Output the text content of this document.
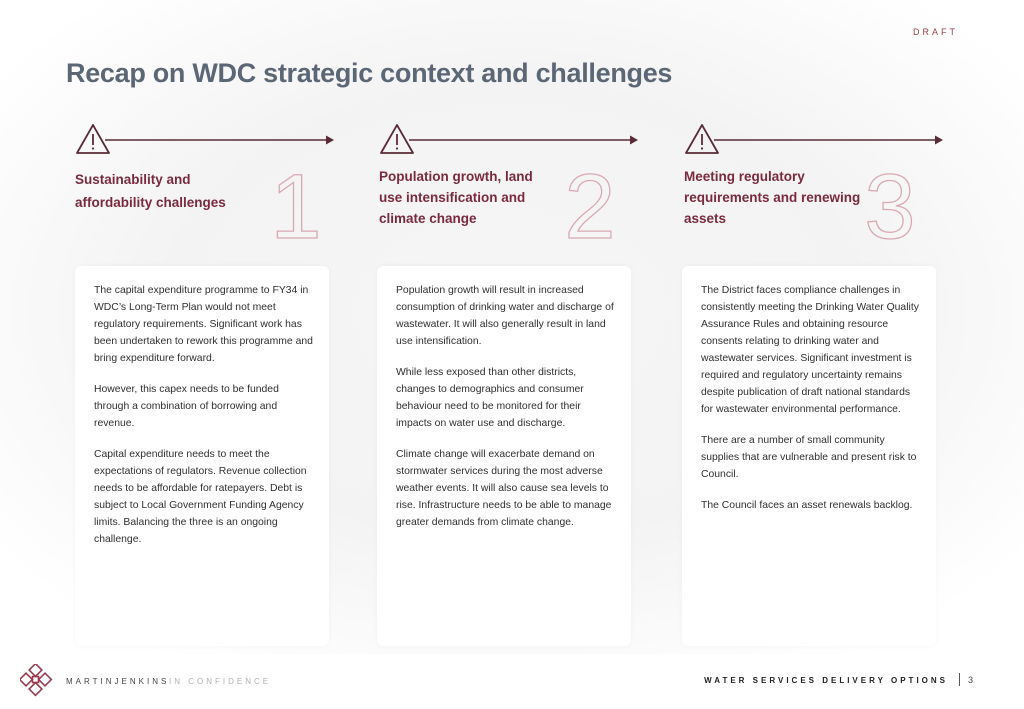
DRAFT
Recap on WDC strategic context and challenges
Sustainability and affordability challenges 1	Population growth, land use intensification and climate change 2	Meeting regulatory requirements and renewing assets	3

The capital expenditure programme to FY34 in WDC’s Long-Term Plan would not meet regulatory requirements. Significant work has been undertaken to rework this programme and bring expenditure forward.

However, this capex needs to be funded through a combination of borrowing and revenue.

Capital expenditure needs to meet the expectations of regulators. Revenue collection needs to be affordable for ratepayers. Debt is subject to Local Government Funding Agency limits. Balancing the three is an ongoing challenge.

Population growth will result in increased consumption of drinking water and discharge of wastewater. It will also generally result in land use intensification.

While less exposed than other districts, changes to demographics and consumer behaviour need to be monitored for their impacts on water use and discharge.

Climate change will exacerbate demand on stormwater services during the most adverse weather events. It will also cause sea levels to rise. Infrastructure needs to be able to manage greater demands from climate change.

The District faces compliance challenges in consistently meeting the Drinking Water Quality Assurance Rules and obtaining resource consents relating to drinking water and wastewater services. Significant investment is required and regulatory uncertainty remains despite publication of draft national standards for wastewater environmental performance.

There are a number of small community supplies that are vulnerable and present risk to Council.

The Council faces an asset renewals backlog.

MARTINJENKINS IN CONFIDENCE	WATER SERVICES DELIVERY OPTIONS 3
